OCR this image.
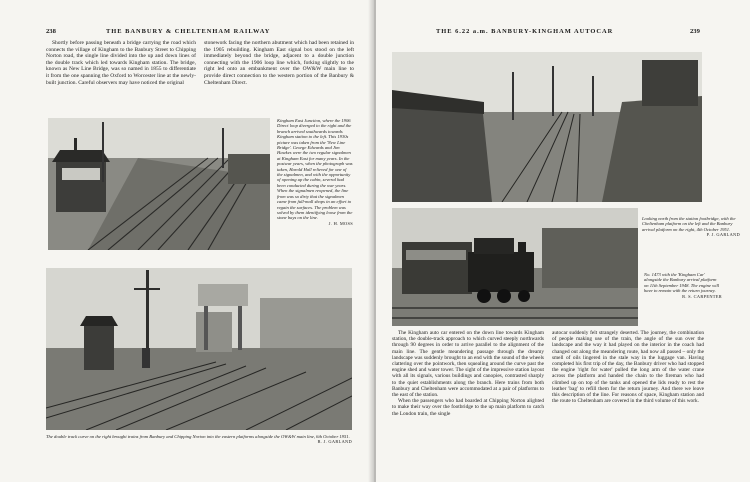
238	THE BANBURY & CHELTENHAM RAILWAY

Shortly before passing beneath a bridge carrying the road which connects the village of Kingham to the Banbury Street to Chipping Norton road, the single line divided into the up and down lines of the double track which led towards Kingham station. The bridge, known as New Line Bridge, was so named in 1855 to differentiate it from the one spanning the Oxford to Worcester line at the newly-built junction. Careful observers may have noticed the original

stonework facing the northern abutment which had been retained in the 1905 rebuilding. Kingham East signal box stood on the left immediately beyond the bridge, adjacent to a double junction connecting with the 1906 loop line which, forking slightly to the right led onto an embankment over the OW&W main line to provide direct connection to the western portion of the Banbury & Cheltenham Direct.

Kingham East Junction, where the 1906 Direct loop diverged to the right and the branch arrived southwards towards Kingham station to the left. This 1930s picture was taken from the 'New Line Bridge'. George Edwards and Jim Hawkes were the two regular signalmen at Kingham East for many years. In the postwar years, when the photograph was taken, Harold Hall relieved for one of the signalmen, and with the opportunity of opening up the cabin, several had been conducted during the war years. When the signalmen reopened, the line from was so dirty that the signalmen came from full-mall shops in an effort to regain the surfaces. The problem was solved by them identifying loose from the stone bays on the line.
J. H. MOSS
The double track curve on the right brought trains from Banbury and Chipping Norton into the eastern platforms alongside the OW&W main line, 6th October 1951.
R. J. GARLAND
THE 6.22 a.m. BANBURY-KINGHAM AUTOCAR	239
Looking north from the station footbridge, with the Cheltenham platform on the left and the Banbury arrival platform on the right, 4th October 1951.
P. J. GARLAND
No. 1473 with the 'Kingham Car' alongside the Banbury arrival platform on 11th September 1948. The engine will have to remain with the return journey.
R. S. CARPENTER

The Kingham auto car entered on the down line towards Kingham station, the double-track approach to which curved steeply northwards through 90 degrees in order to arrive parallel to the alignment of the main line. The gentle meandering passage through the dreamy landscape was suddenly brought to an end with the sound of the wheels clattering over the pointwork, then squealing around the curve past the engine shed and water tower. The sight of the impressive station layout with all its signals, various buildings and canopies, contrasted sharply to the quiet establishments along the branch. Here trains from both Banbury and Cheltenham were accommodated at a pair of platforms to the east of the station.

When the passengers who had boarded at Chipping Norton alighted to make their way over the footbridge to the up main platform to catch the London train, the single

autocar suddenly felt strangely deserted. The journey, the combination of people making use of the train, the angle of the sun over the landscape and the way it had played on the interior in the coach had changed out along the meandering route, had now all passed – only the smell of oils lingered in the stale way in the luggage van. Having completed his first trip of the day, the Banbury driver who had stopped the engine 'right for water' pulled the long arm of the water crane across the platform and handed the chain to the fireman who had climbed up on top of the tanks and opened the lids ready to rest the leather 'bag' to refill them for the return journey. And there we leave this description of the line. For reasons of space, Kingham station and the route to Cheltenham are covered in the third volume of this work.
